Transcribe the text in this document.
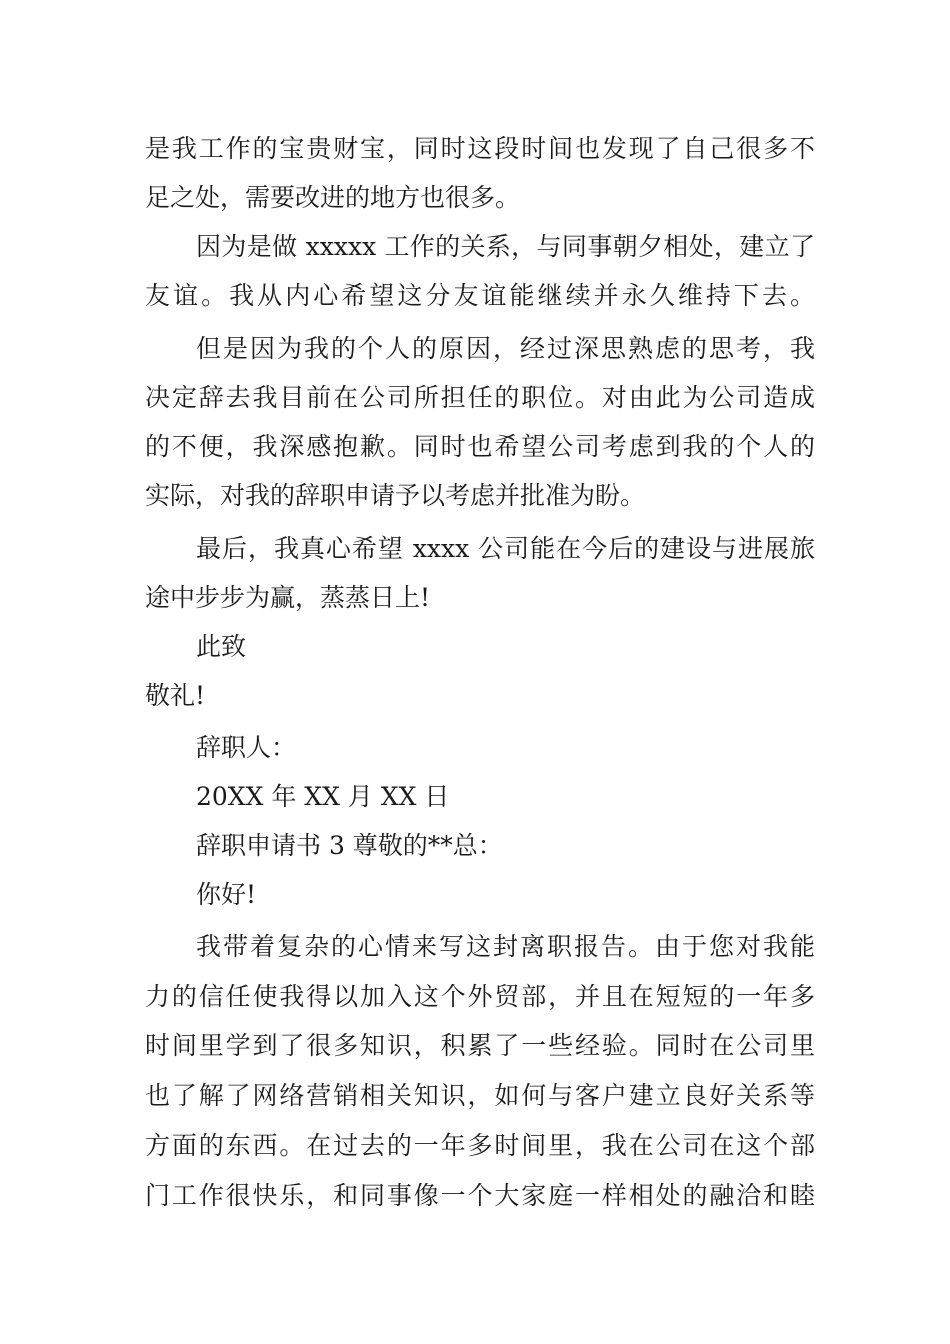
是我工作的宝贵财宝，同时这段时间也发现了自己很多不
足之处，需要改进的地方也很多。
因为是做 xxxxx 工作的关系，与同事朝夕相处，建立了
友谊。我从内心希望这分友谊能继续并永久维持下去。
但是因为我的个人的原因，经过深思熟虑的思考，我
决定辞去我目前在公司所担任的职位。对由此为公司造成
的不便，我深感抱歉。同时也希望公司考虑到我的个人的
实际，对我的辞职申请予以考虑并批准为盼。
最后，我真心希望 xxxx 公司能在今后的建设与进展旅
途中步步为赢，蒸蒸日上!
此致
敬礼!
辞职人：
20XX 年 XX 月 XX 日
辞职申请书 3 尊敬的**总：
你好!
我带着复杂的心情来写这封离职报告。由于您对我能
力的信任使我得以加入这个外贸部，并且在短短的一年多
时间里学到了很多知识，积累了一些经验。同时在公司里
也了解了网络营销相关知识，如何与客户建立良好关系等
方面的东西。在过去的一年多时间里，我在公司在这个部
门工作很快乐，和同事像一个大家庭一样相处的融洽和睦
